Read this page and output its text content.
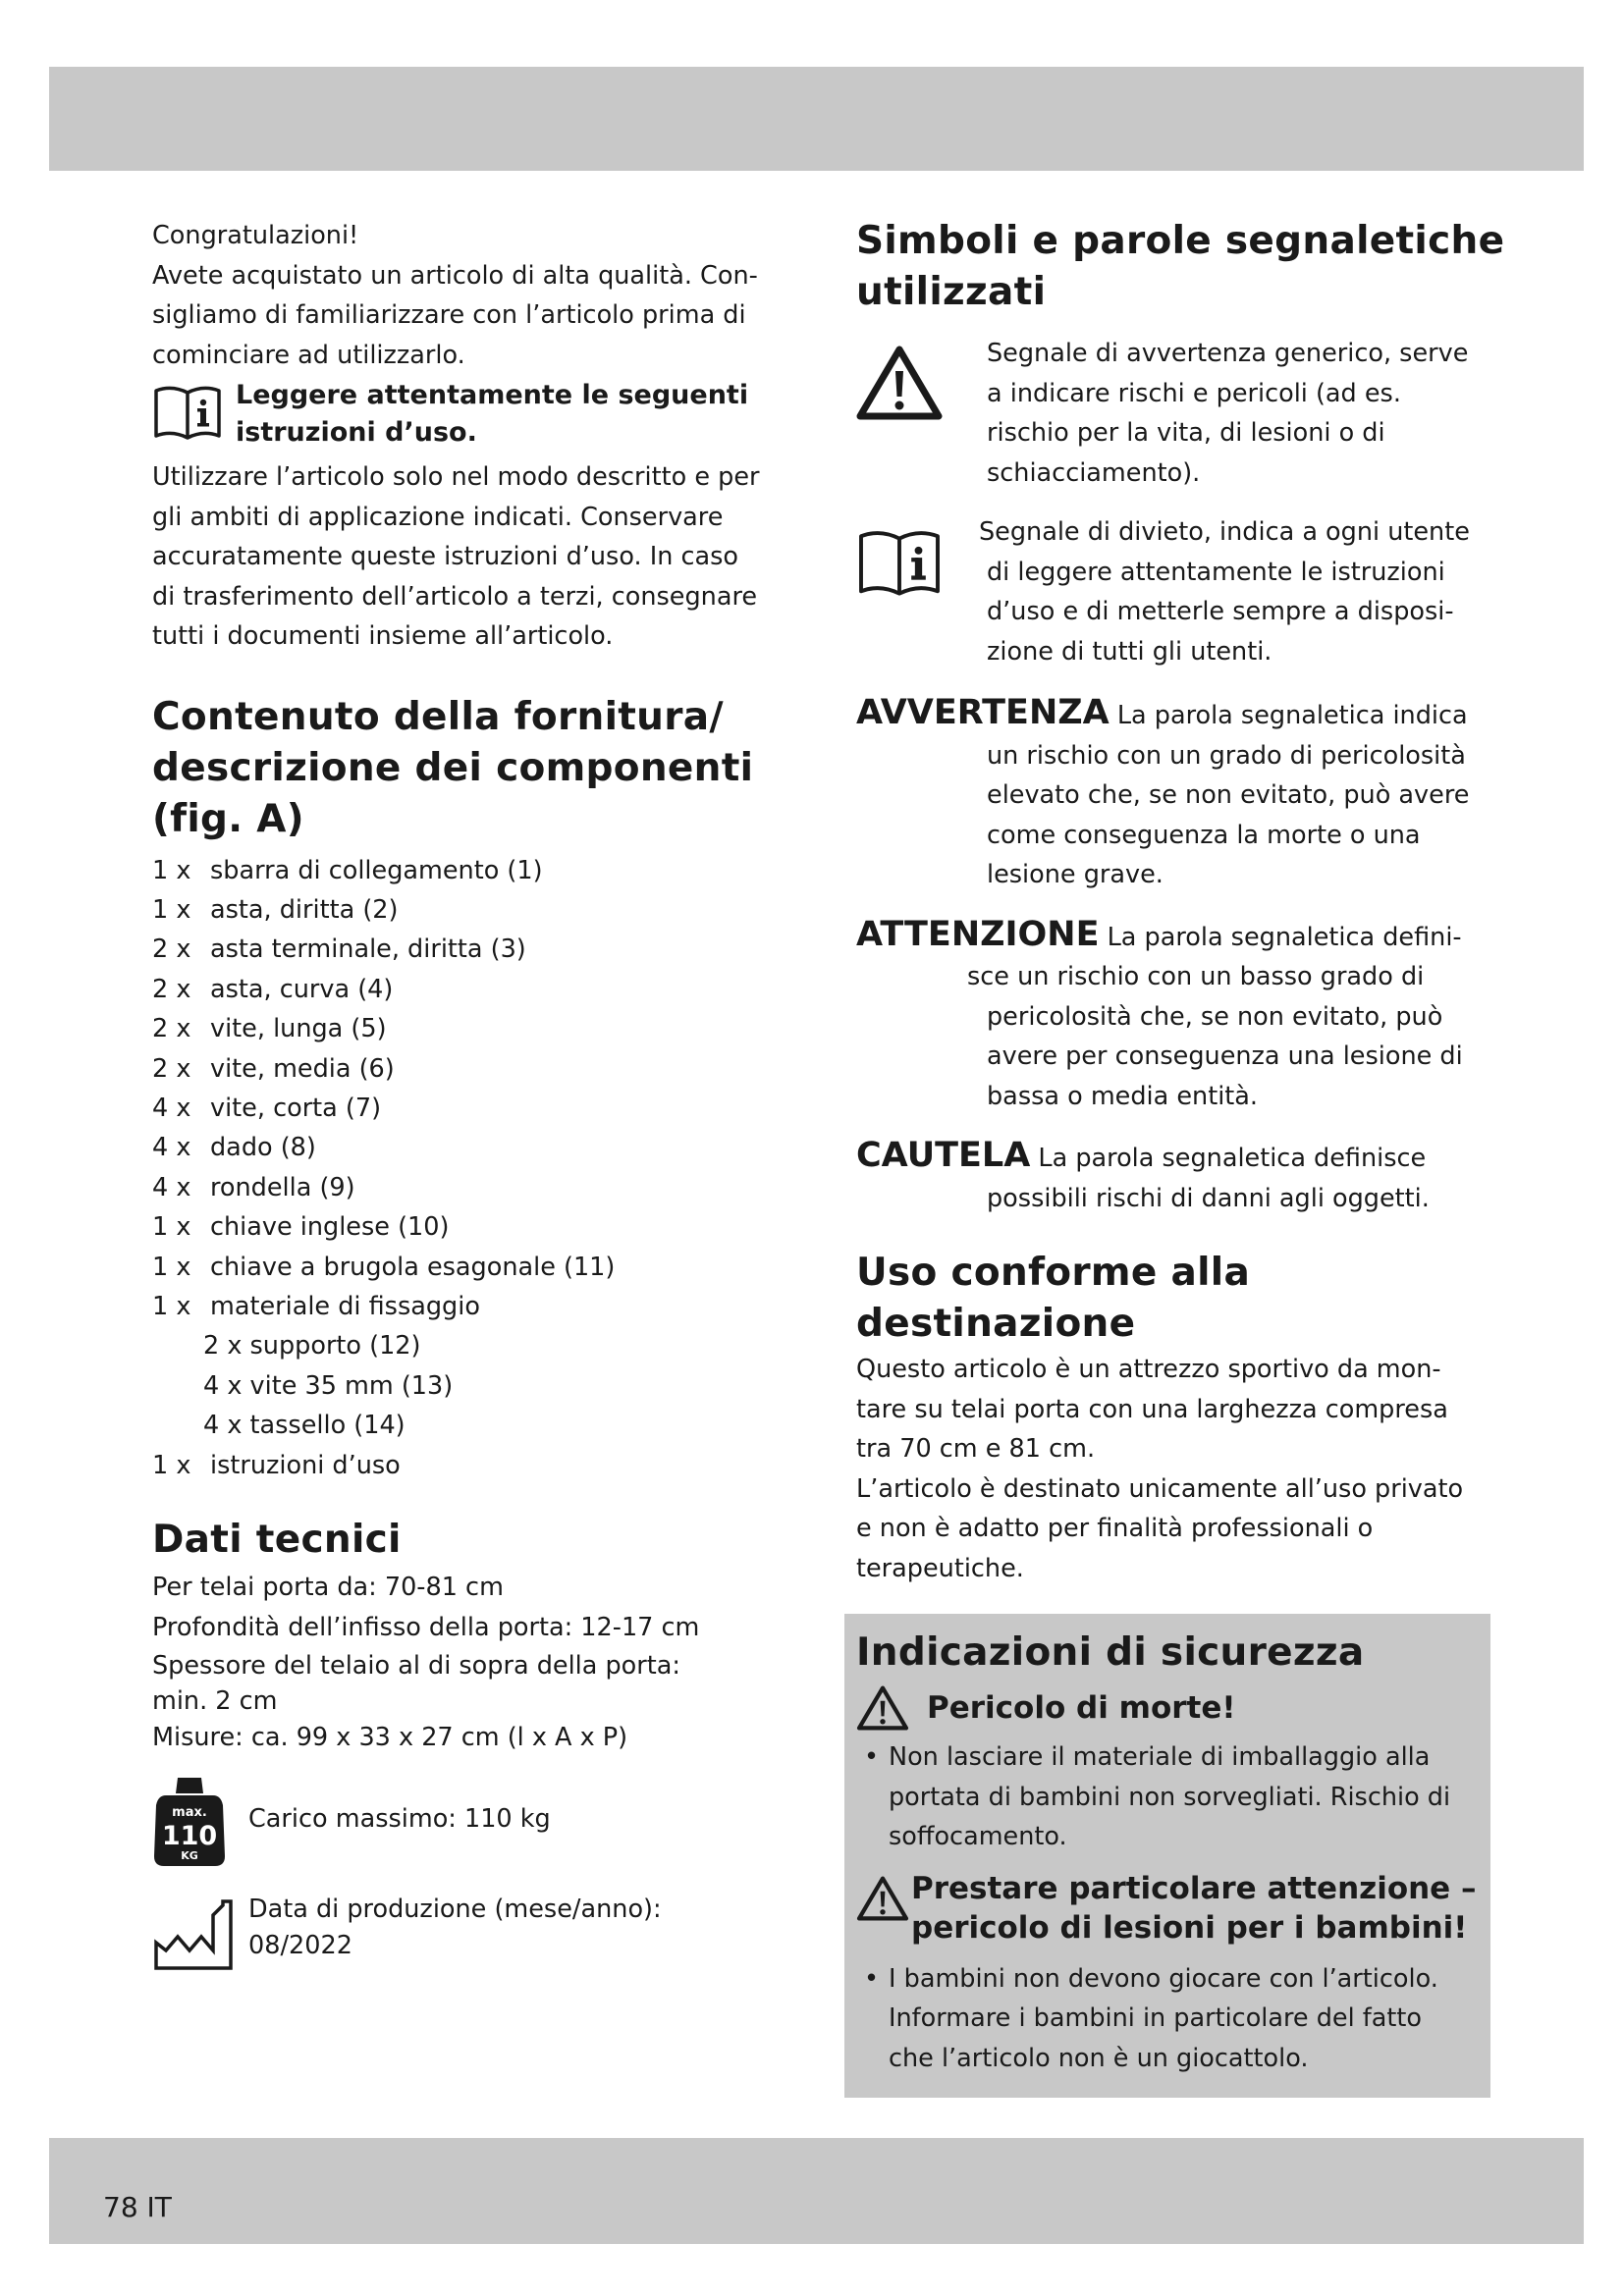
Congratulazioni!

Avete acquistato un articolo di alta qualità. Con-

sigliamo di familiarizzare con l’articolo prima di

cominciare ad utilizzarlo.

Leggere attentamente le seguenti
istruzioni d’uso.

Utilizzare l’articolo solo nel modo descritto e per

gli ambiti di applicazione indicati. Conservare

accuratamente queste istruzioni d’uso. In caso

di trasferimento dell’articolo a terzi, consegnare

tutti i documenti insieme all’articolo.

Contenuto della fornitura/
descrizione dei componenti
(fig. A)
1 x sbarra di collegamento (1)
1 x asta, diritta (2)
2 x asta terminale, diritta (3)
2 x asta, curva (4)
2 x vite, lunga (5)
2 x vite, media (6)
4 x vite, corta (7)
4 x dado (8)
4 x rondella (9)
1 x chiave inglese (10)
1 x chiave a brugola esagonale (11)
1 x materiale di fissaggio
2 x supporto (12)
4 x vite 35 mm (13)
4 x tassello (14)
1 x istruzioni d’uso
Dati tecnici

Per telai porta da: 70-81 cm

Profondità dell’infisso della porta: 12-17 cm

Spessore del telaio al di sopra della porta:

min. 2 cm

Misure: ca. 99 x 33 x 27 cm (l x A x P)

max.
110
KG

Carico massimo: 110 kg

Data di produzione (mese/anno):

08/2022

Simboli e parole segnaletiche
utilizzati

Segnale di avvertenza generico, serve

a indicare rischi e pericoli (ad es.

rischio per la vita, di lesioni o di

schiacciamento).

Segnale di divieto, indica a ogni utente

di leggere attentamente le istruzioni

d’uso e di metterle sempre a disposi-

zione di tutti gli utenti.

AVVERTENZA La parola segnaletica indica

un rischio con un grado di pericolosità

elevato che, se non evitato, può avere

come conseguenza la morte o una

lesione grave.

ATTENZIONE La parola segnaletica defini-

sce un rischio con un basso grado di

pericolosità che, se non evitato, può

avere per conseguenza una lesione di

bassa o media entità.

CAUTELA La parola segnaletica definisce

possibili rischi di danni agli oggetti.

Uso conforme alla
destinazione

Questo articolo è un attrezzo sportivo da mon-

tare su telai porta con una larghezza compresa

tra 70 cm e 81 cm.

L’articolo è destinato unicamente all’uso privato

e non è adatto per finalità professionali o

terapeutiche.

Indicazioni di sicurezza
Pericolo di morte!
• Non lasciare il materiale di imballaggio alla

portata di bambini non sorvegliati. Rischio di

soffocamento.

Prestare particolare attenzione –
pericolo di lesioni per i bambini!
• I bambini non devono giocare con l’articolo.

Informare i bambini in particolare del fatto

che l’articolo non è un giocattolo.

78 IT
